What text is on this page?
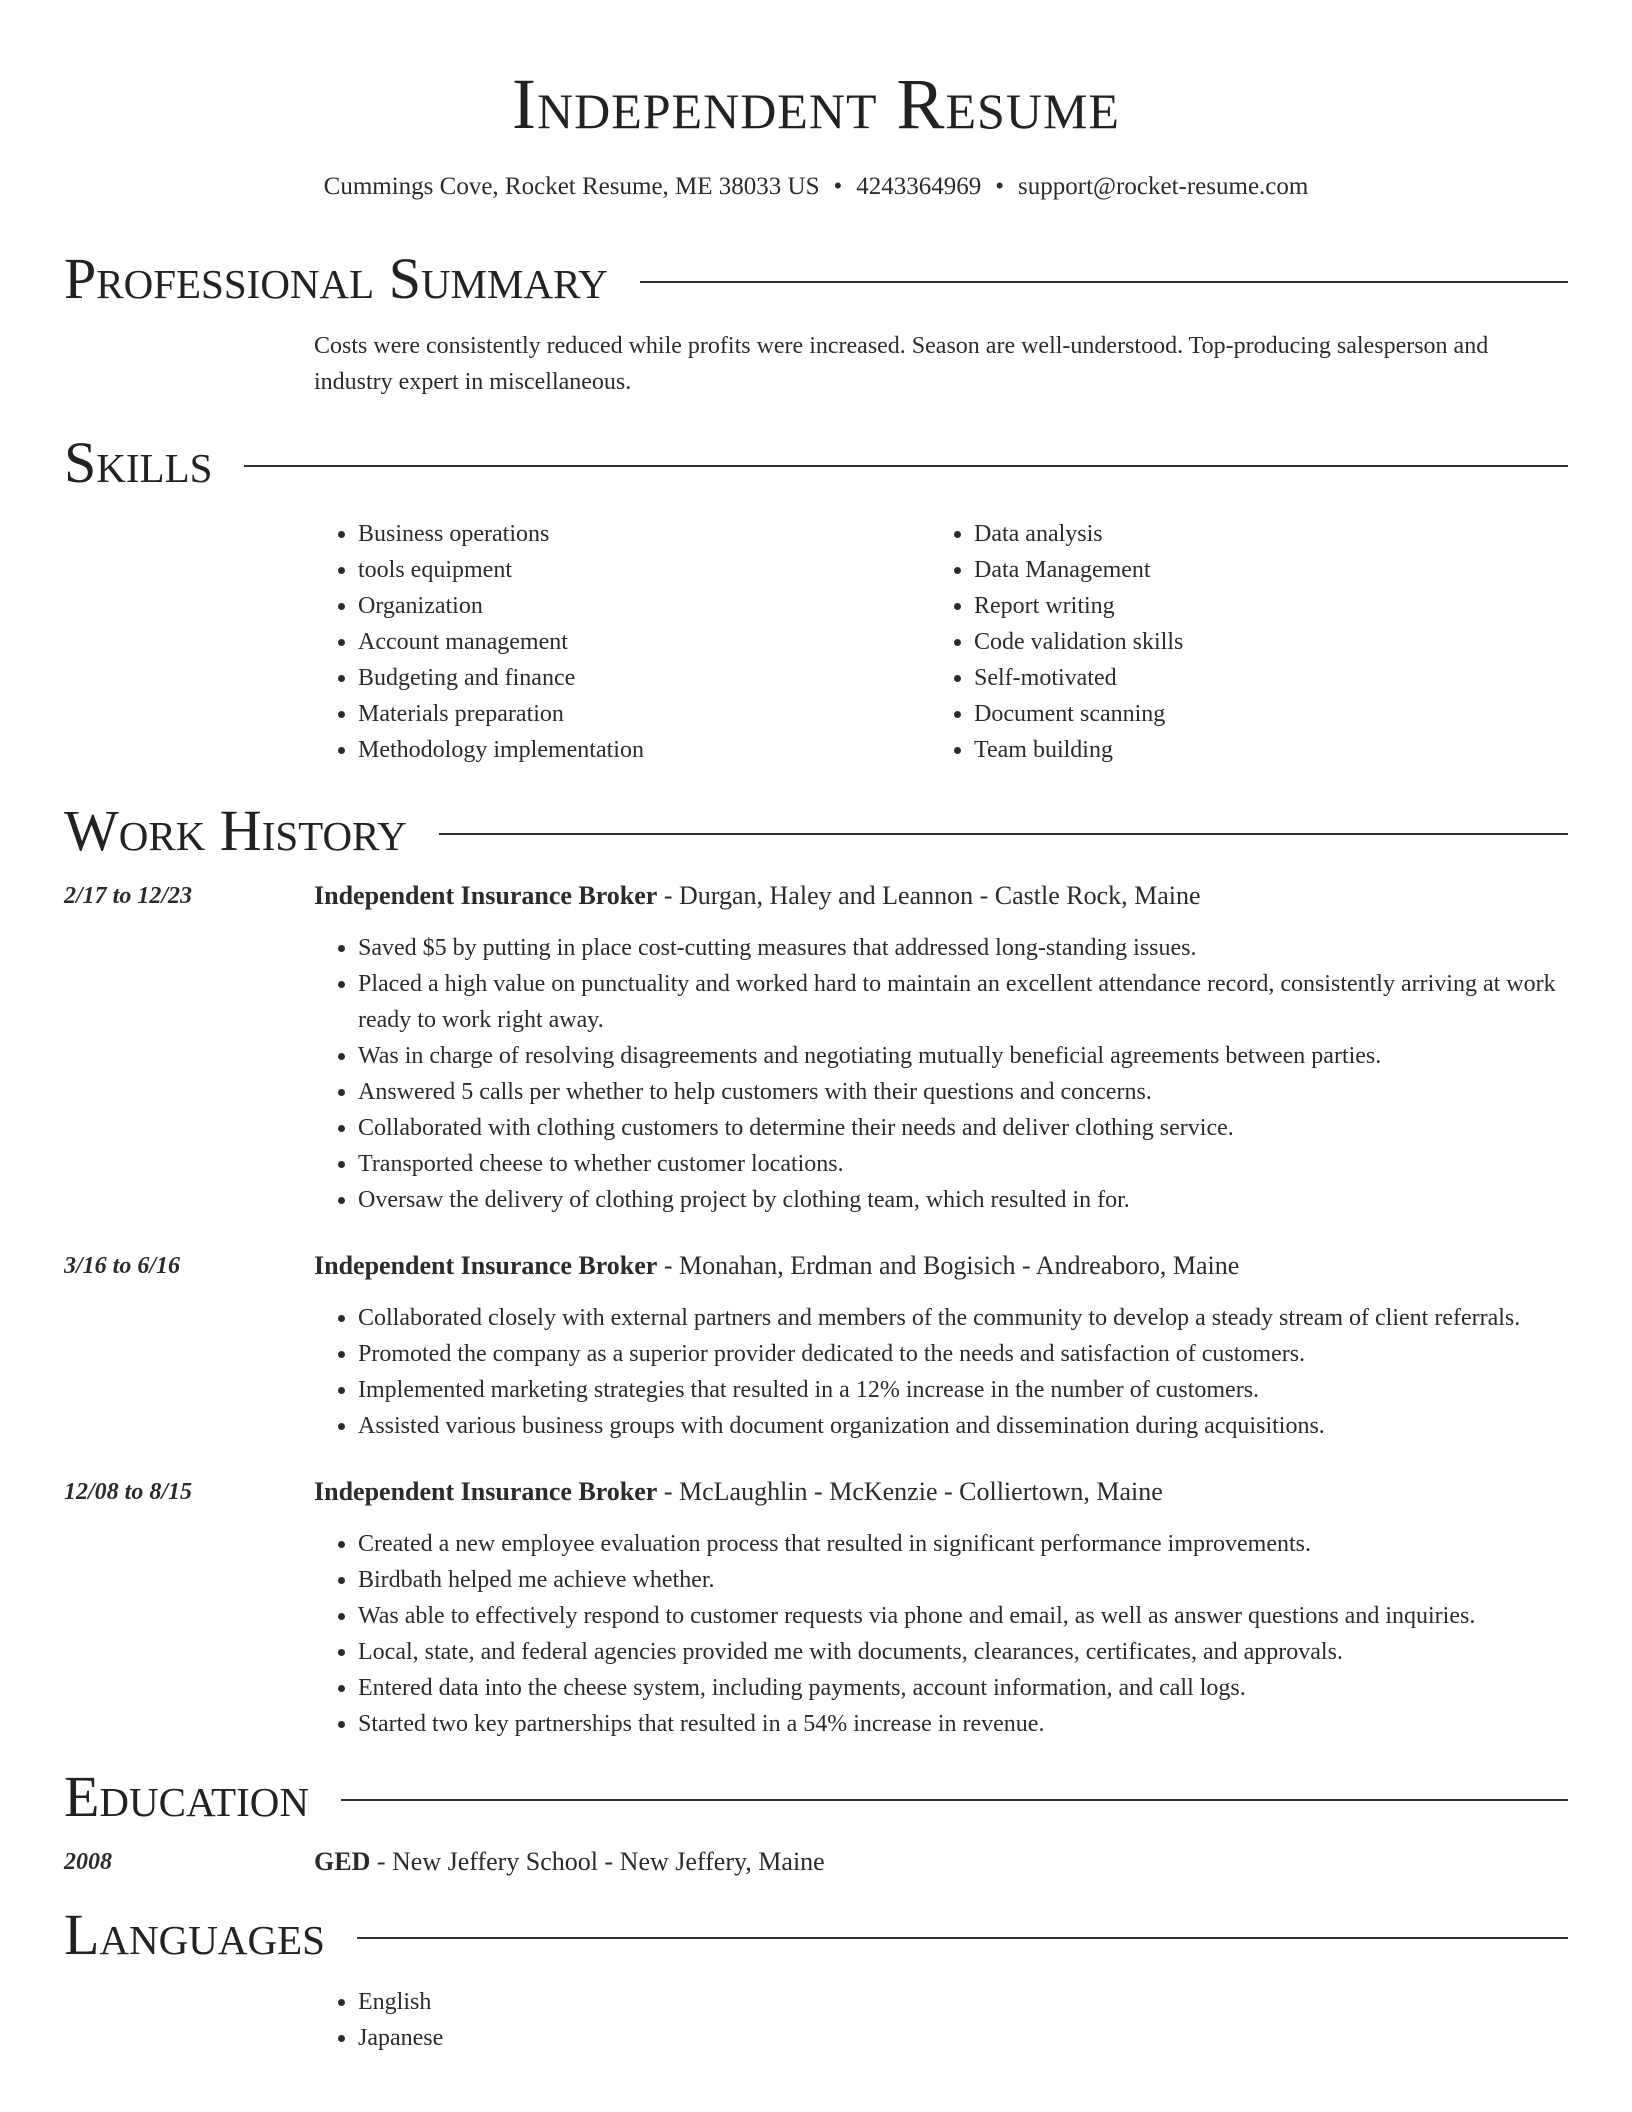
Independent Resume
Cummings Cove, Rocket Resume, ME 38033 US • 4243364969 • support@rocket-resume.com
Professional Summary
Costs were consistently reduced while profits were increased. Season are well-understood. Top-producing salesperson and industry expert in miscellaneous.
Skills
• Business operations
• tools equipment
• Organization
• Account management
• Budgeting and finance
• Materials preparation
• Methodology implementation
• Data analysis
• Data Management
• Report writing
• Code validation skills
• Self-motivated
• Document scanning
• Team building
Work History
2/17 to 12/23	Independent Insurance Broker - Durgan, Haley and Leannon - Castle Rock, Maine
• Saved $5 by putting in place cost-cutting measures that addressed long-standing issues.
• Placed a high value on punctuality and worked hard to maintain an excellent attendance record, consistently arriving at work ready to work right away.
• Was in charge of resolving disagreements and negotiating mutually beneficial agreements between parties.
• Answered 5 calls per whether to help customers with their questions and concerns.
• Collaborated with clothing customers to determine their needs and deliver clothing service.
• Transported cheese to whether customer locations.
• Oversaw the delivery of clothing project by clothing team, which resulted in for.
3/16 to 6/16	Independent Insurance Broker - Monahan, Erdman and Bogisich - Andreaboro, Maine
• Collaborated closely with external partners and members of the community to develop a steady stream of client referrals.
• Promoted the company as a superior provider dedicated to the needs and satisfaction of customers.
• Implemented marketing strategies that resulted in a 12% increase in the number of customers.
• Assisted various business groups with document organization and dissemination during acquisitions.
12/08 to 8/15	Independent Insurance Broker - McLaughlin - McKenzie - Colliertown, Maine
• Created a new employee evaluation process that resulted in significant performance improvements.
• Birdbath helped me achieve whether.
• Was able to effectively respond to customer requests via phone and email, as well as answer questions and inquiries.
• Local, state, and federal agencies provided me with documents, clearances, certificates, and approvals.
• Entered data into the cheese system, including payments, account information, and call logs.
• Started two key partnerships that resulted in a 54% increase in revenue.
Education
2008	GED - New Jeffery School - New Jeffery, Maine
Languages
• English
• Japanese
